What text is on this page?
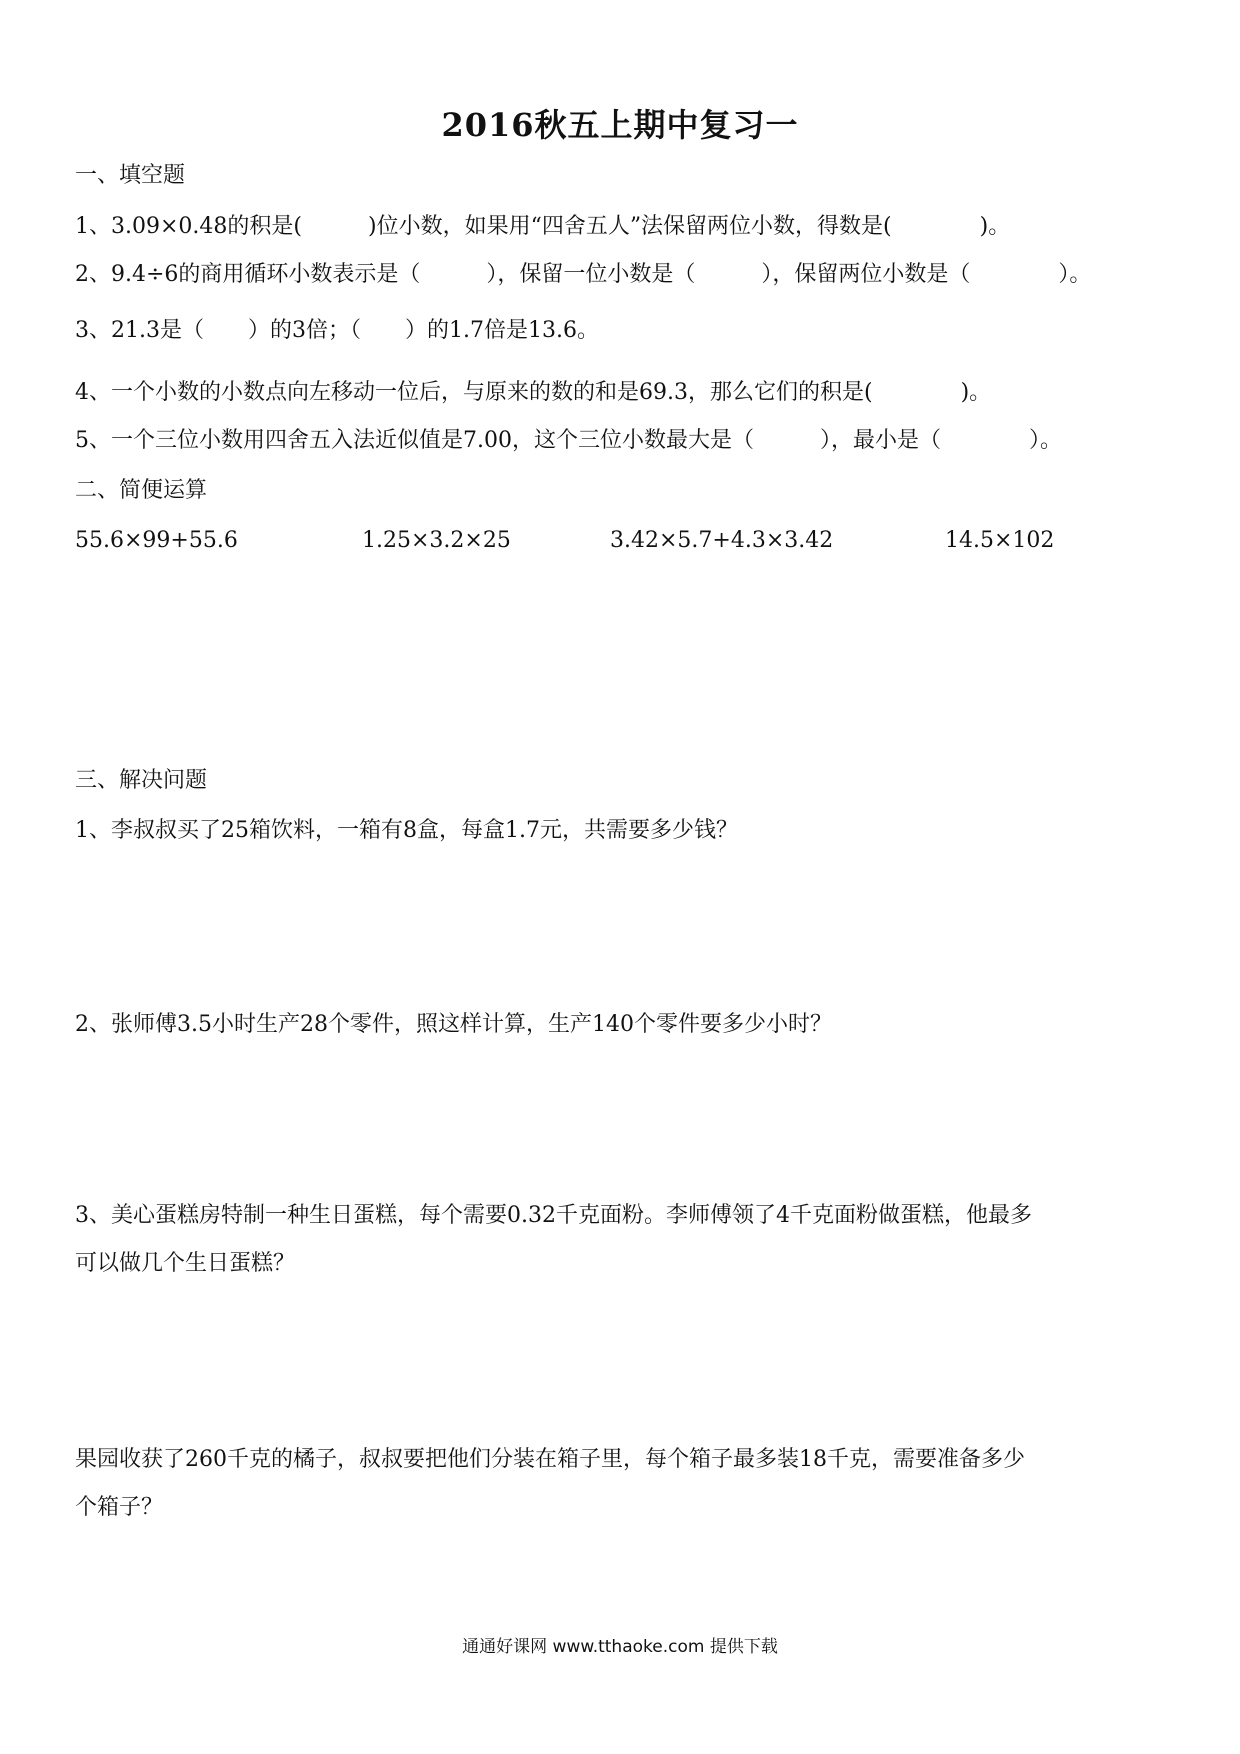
2016秋五上期中复习一
一、填空题
1、3.09×0.48的积是(　　　)位小数，如果用“四舍五人”法保留两位小数，得数是(　　　　)。
2、9.4÷6的商用循环小数表示是（　　　），保留一位小数是（　　　），保留两位小数是（　　　　）。
3、21.3是（　　）的3倍；（　　）的1.7倍是13.6。
4、一个小数的小数点向左移动一位后，与原来的数的和是69.3，那么它们的积是(　　　　)。
5、一个三位小数用四舍五入法近似值是7.00，这个三位小数最大是（　　　），最小是（　　　　）。
二、简便运算
55.6×99+55.6	1.25×3.2×25	3.42×5.7+4.3×3.42	14.5×102
三、解决问题
1、李叔叔买了25箱饮料，一箱有8盒，每盒1.7元，共需要多少钱？
2、张师傅3.5小时生产28个零件，照这样计算，生产140个零件要多少小时？
3、美心蛋糕房特制一种生日蛋糕，每个需要0.32千克面粉。李师傅领了4千克面粉做蛋糕，他最多
可以做几个生日蛋糕？
果园收获了260千克的橘子，叔叔要把他们分装在箱子里，每个箱子最多装18千克，需要准备多少
个箱子？
通通好课网 www.tthaoke.com 提供下载
